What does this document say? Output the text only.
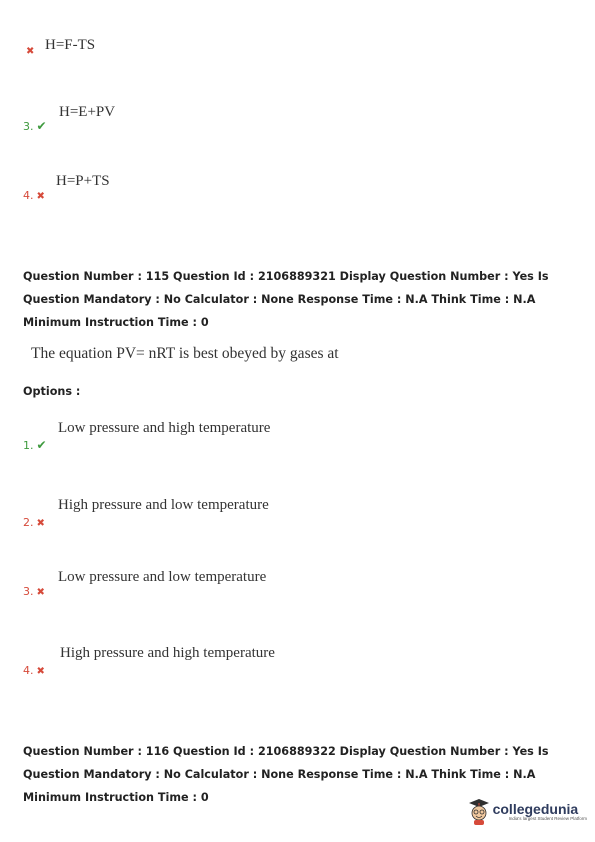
✖ H=F-TS
3. ✔
H=E+PV
4. ✖
H=P+TS
Question Number : 115 Question Id : 2106889321 Display Question Number : Yes Is Question Mandatory : No Calculator : None Response Time : N.A Think Time : N.A Minimum Instruction Time : 0
The equation PV= nRT is best obeyed by gases at
Options :
1. ✔
Low pressure and high temperature
2. ✖
High pressure and low temperature
3. ✖
Low pressure and low temperature
4. ✖
High pressure and high temperature
Question Number : 116 Question Id : 2106889322 Display Question Number : Yes Is Question Mandatory : No Calculator : None Response Time : N.A Think Time : N.A Minimum Instruction Time : 0
collegedunia
India's largest Student Review Platform
